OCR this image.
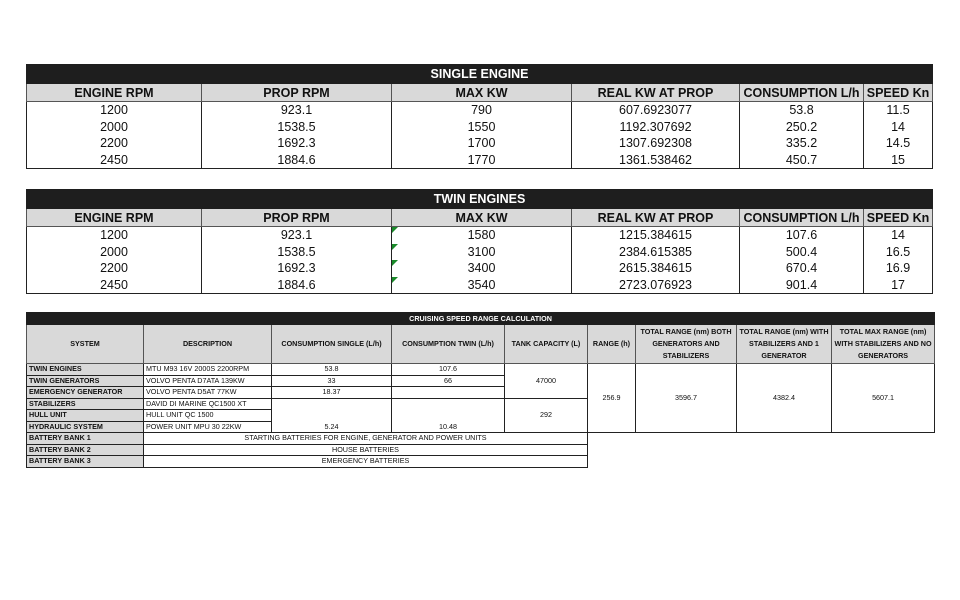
SINGLE ENGINE					
ENGINE RPM	PROP RPM	MAX KW	REAL KW AT PROP	CONSUMPTION L/h	SPEED Kn
1200	923.1	790	607.6923077	53.8	11.5
2000	1538.5	1550	1192.307692	250.2	14
2200	1692.3	1700	1307.692308	335.2	14.5
2450	1884.6	1770	1361.538462	450.7	15
TWIN ENGINES					
ENGINE RPM	PROP RPM	MAX KW	REAL KW AT PROP	CONSUMPTION L/h	SPEED Kn
1200	923.1	1580	1215.384615	107.6	14
2000	1538.5	3100	2384.615385	500.4	16.5
2200	1692.3	3400	2615.384615	670.4	16.9
2450	1884.6	3540	2723.076923	901.4	17
CRUISING SPEED RANGE CALCULATION								
SYSTEM	DESCRIPTION	CONSUMPTION SINGLE (L/h)	CONSUMPTION TWIN (L/h)	TANK CAPACITY (L)	RANGE (h)	TOTAL RANGE (nm) BOTH GENERATORS AND STABILIZERS	TOTAL RANGE (nm) WITH STABILIZERS AND 1 GENERATOR	TOTAL MAX RANGE (nm) WITH STABILIZERS AND NO GENERATORS
TWIN ENGINES	MTU M93 16V 2000S 2200RPM	53.8	107.6	47000	256.9	3596.7	4382.4	5607.1
TWIN GENERATORS	VOLVO PENTA D7ATA 139KW	33	66					
EMERGENCY GENERATOR	VOLVO PENTA D5AT 77KW	18.37						
STABILIZERS	DAVID DI MARINE QC1500 XT			292				
HULL UNIT	HULL UNIT QC 1500							
HYDRAULIC SYSTEM	POWER UNIT MPU 30 22KW	5.24	10.48					
BATTERY BANK 1	STARTING BATTERIES FOR ENGINE, GENERATOR AND POWER UNITS							
BATTERY BANK 2	HOUSE BATTERIES							
BATTERY BANK 3	EMERGENCY BATTERIES							
